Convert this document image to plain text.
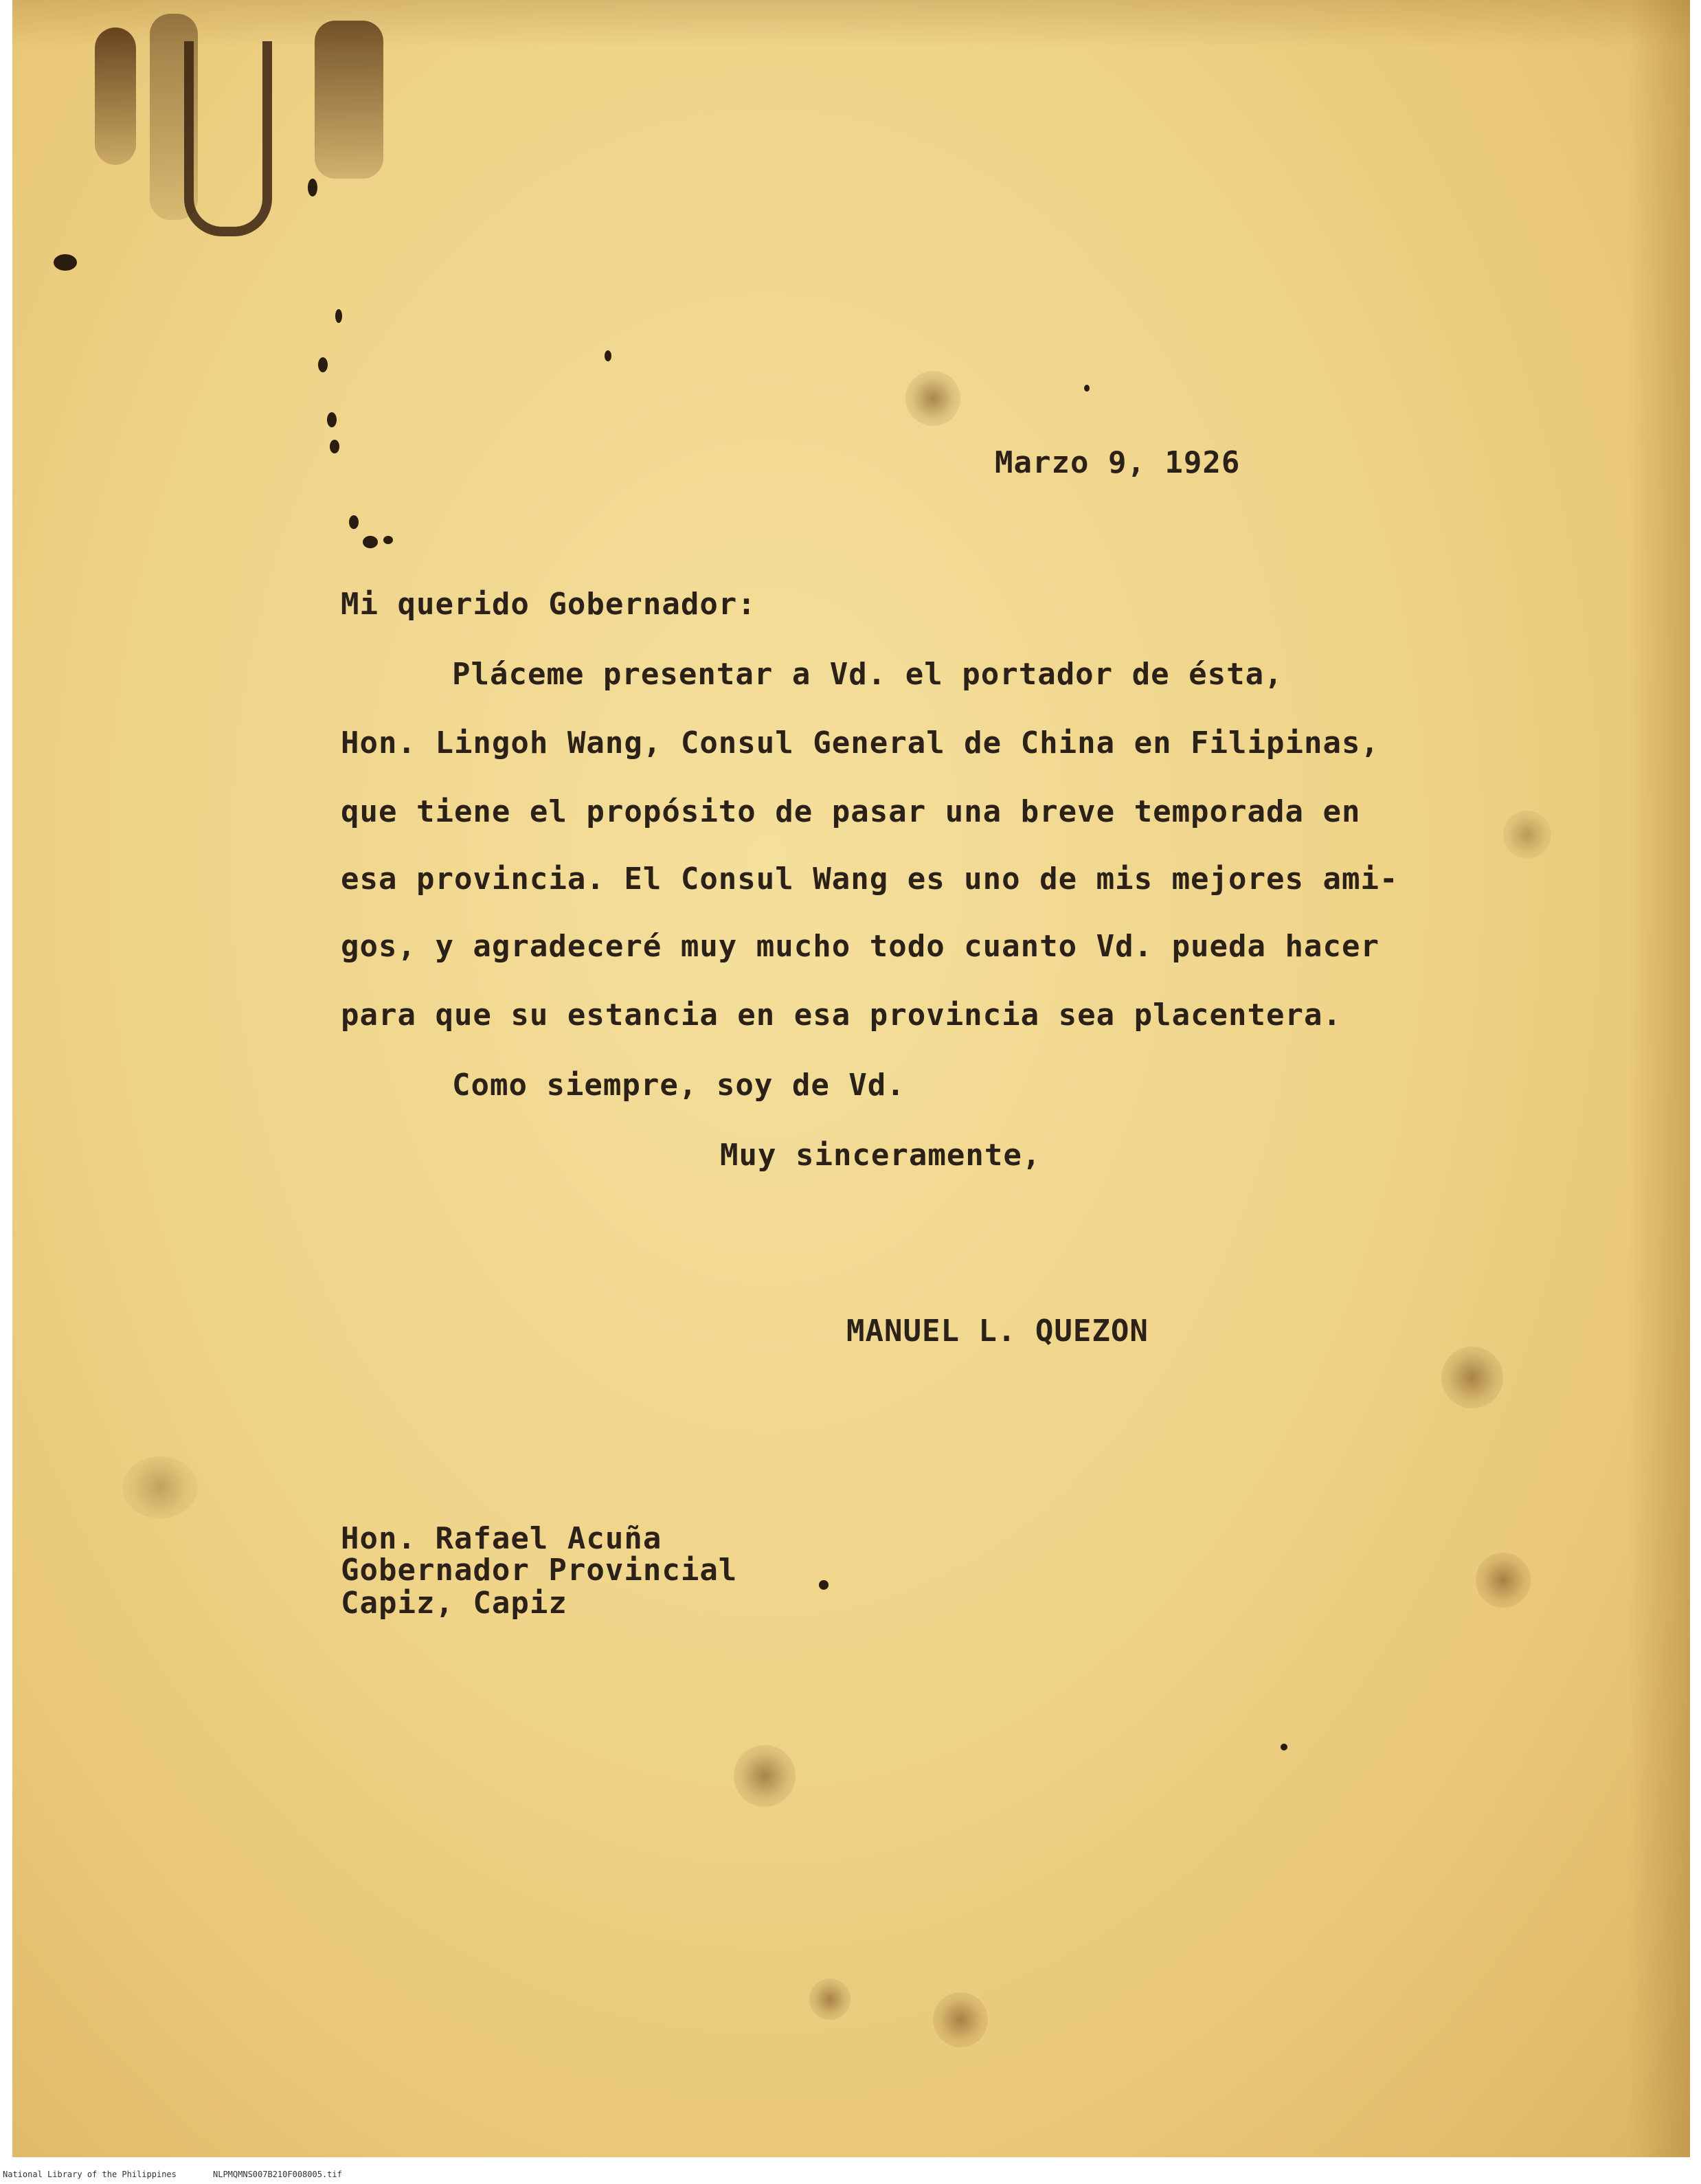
Marzo 9, 1926
Mi querido Gobernador:
Pláceme presentar a Vd. el portador de ésta,
Hon. Lingoh Wang, Consul General de China en Filipinas,
que tiene el propósito de pasar una breve temporada en
esa provincia. El Consul Wang es uno de mis mejores ami-
gos, y agradeceré muy mucho todo cuanto Vd. pueda hacer
para que su estancia en esa provincia sea placentera.
Como siempre, soy de Vd.
Muy sinceramente,
MANUEL L. QUEZON
Hon. Rafael Acuña
Gobernador Provincial
Capiz, Capiz
National Library of the Philippines	NLPMQMNS007B210F008005.tif
